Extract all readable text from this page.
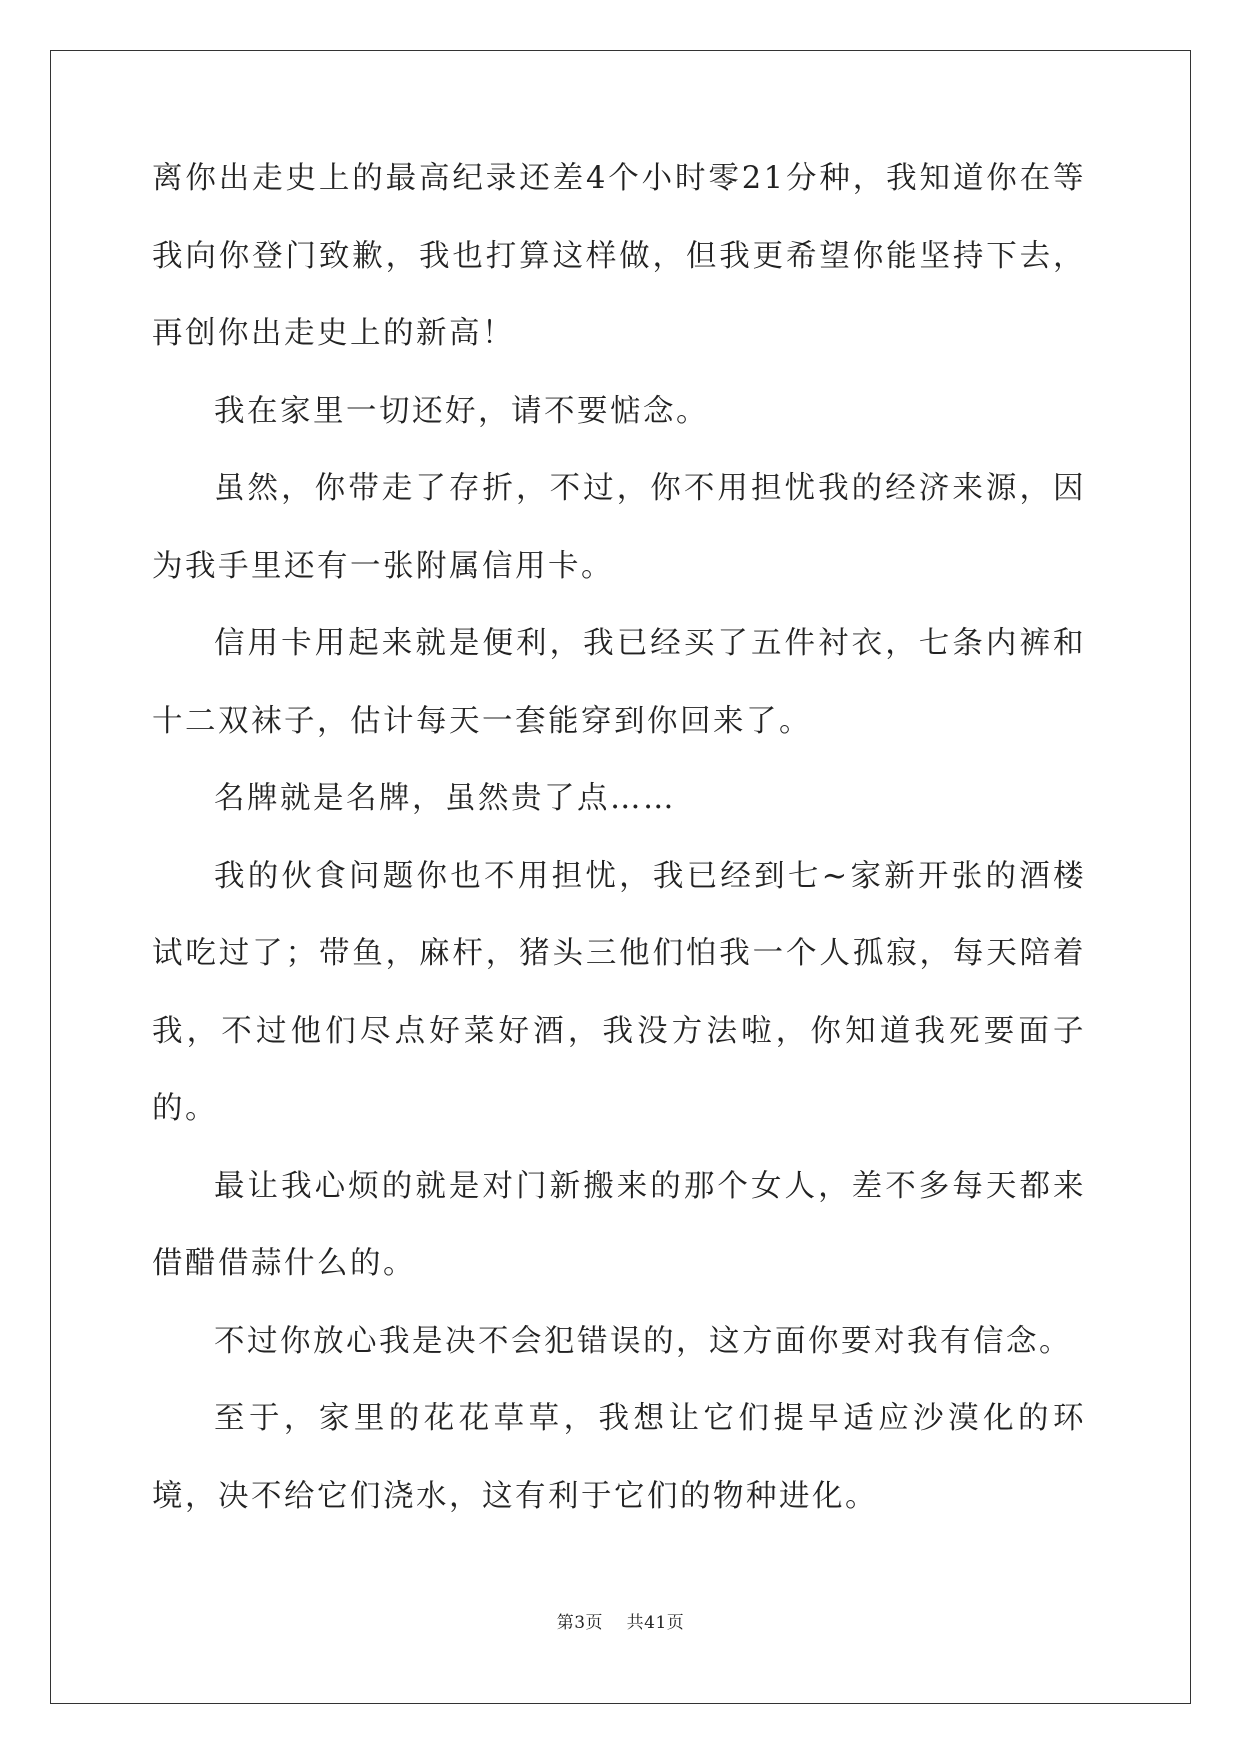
离你出走史上的最高纪录还差4个小时零21分种，我知道你在等我向你登门致歉，我也打算这样做，但我更希望你能坚持下去，再创你出走史上的新高！

我在家里一切还好，请不要惦念。

虽然，你带走了存折，不过，你不用担忧我的经济来源，因为我手里还有一张附属信用卡。

信用卡用起来就是便利，我已经买了五件衬衣，七条内裤和十二双袜子，估计每天一套能穿到你回来了。

名牌就是名牌，虽然贵了点……

我的伙食问题你也不用担忧，我已经到七~家新开张的酒楼试吃过了；带鱼，麻杆，猪头三他们怕我一个人孤寂，每天陪着我，不过他们尽点好菜好酒，我没方法啦，你知道我死要面子的。

最让我心烦的就是对门新搬来的那个女人，差不多每天都来借醋借蒜什么的。

不过你放心我是决不会犯错误的，这方面你要对我有信念。

至于，家里的花花草草，我想让它们提早适应沙漠化的环境，决不给它们浇水，这有利于它们的物种进化。

第3页 共41页
